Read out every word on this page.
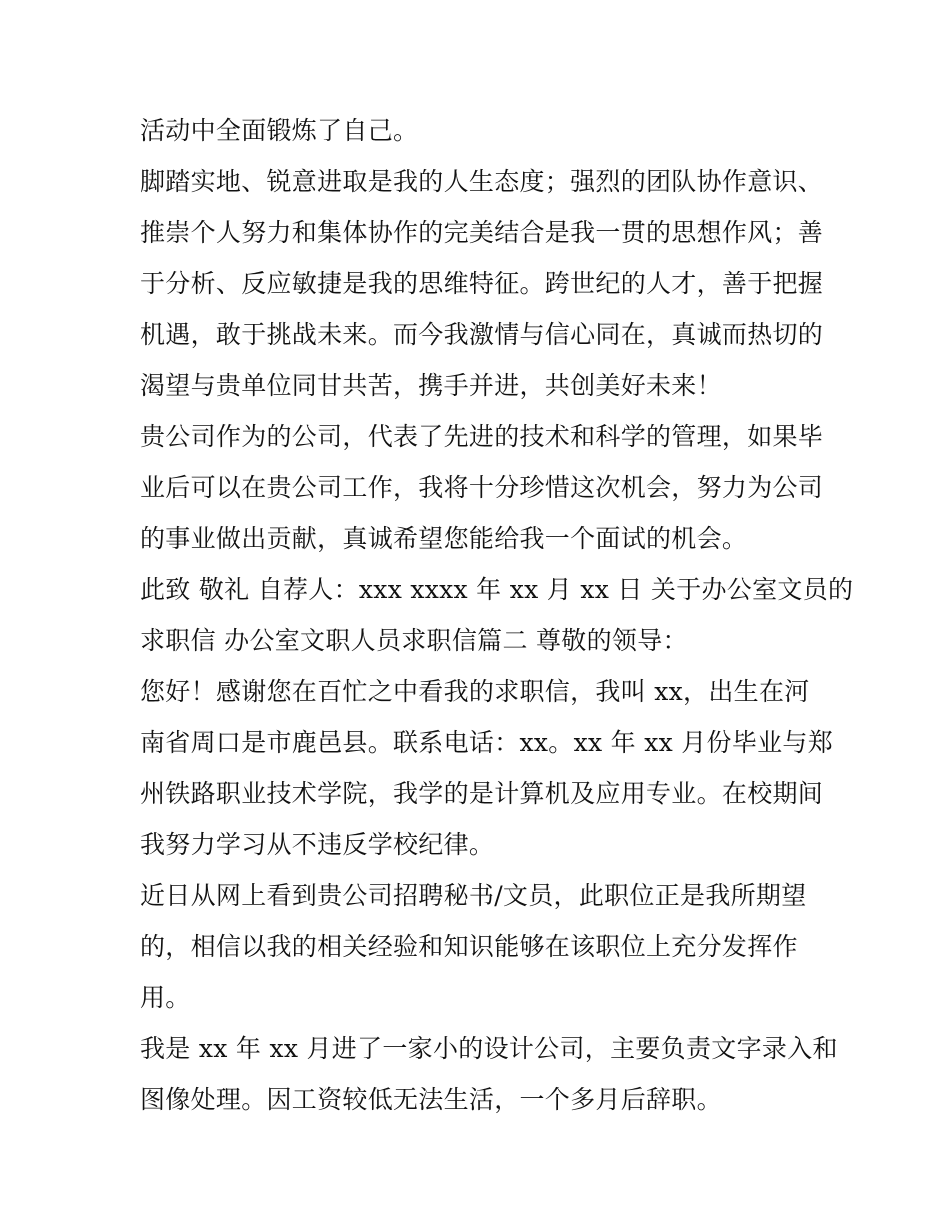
活动中全面锻炼了自己。
脚踏实地、锐意进取是我的人生态度；强烈的团队协作意识、
推崇个人努力和集体协作的完美结合是我一贯的思想作风；善
于分析、反应敏捷是我的思维特征。跨世纪的人才，善于把握
机遇，敢于挑战未来。而今我激情与信心同在，真诚而热切的
渴望与贵单位同甘共苦，携手并进，共创美好未来！
贵公司作为的公司，代表了先进的技术和科学的管理，如果毕
业后可以在贵公司工作，我将十分珍惜这次机会，努力为公司
的事业做出贡献，真诚希望您能给我一个面试的机会。
此致 敬礼 自荐人：xxx xxxx 年 xx 月 xx 日 关于办公室文员的
求职信 办公室文职人员求职信篇二 尊敬的领导：
您好！感谢您在百忙之中看我的求职信，我叫 xx，出生在河
南省周口是市鹿邑县。联系电话：xx。xx 年 xx 月份毕业与郑
州铁路职业技术学院，我学的是计算机及应用专业。在校期间
我努力学习从不违反学校纪律。
近日从网上看到贵公司招聘秘书/文员，此职位正是我所期望
的，相信以我的相关经验和知识能够在该职位上充分发挥作
用。
我是 xx 年 xx 月进了一家小的设计公司，主要负责文字录入和
图像处理。因工资较低无法生活，一个多月后辞职。
